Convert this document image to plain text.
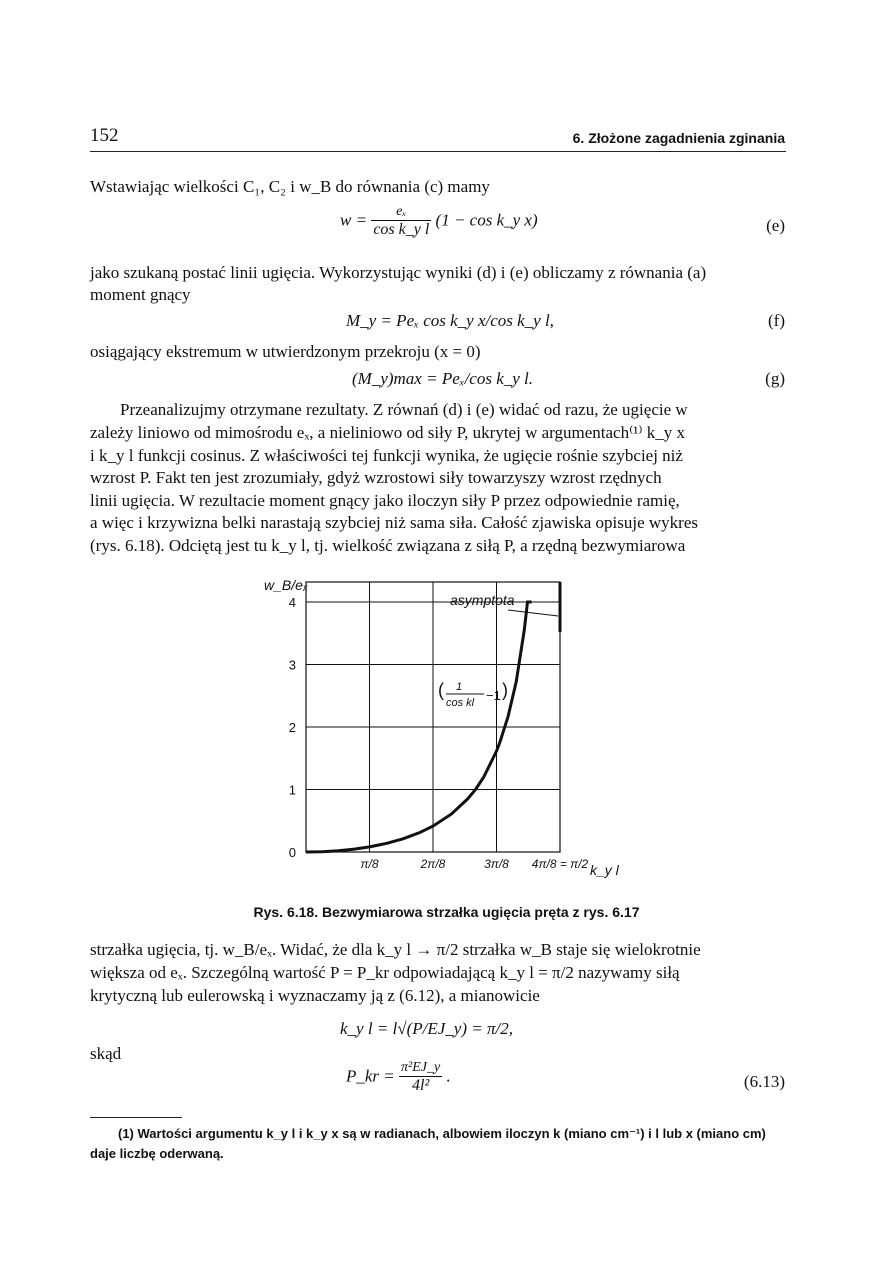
152	6. Złożone zagadnienia zginania
Wstawiając wielkości C₁, C₂ i w_B do równania (c) mamy
$w = \frac{\text{eₓ}}{\text{cos k\_y l}} (1 - \cos$ k_y x)	(e)
jako szukaną postać linii ugięcia. Wykorzystując wyniki (d) i (e) obliczamy z równania (a)
moment gnący
M_y = Peₓ cos k_y x/cos k_y l,	(f)
osiągający ekstremum w utwierdzonym przekroju (x = 0)
(M_y)max = Peₓ/cos k_y l.	(g)
Przeanalizujmy otrzymane rezultaty. Z równań (d) i (e) widać od razu, że ugięcie w
zależy liniowo od mimośrodu eₓ, a nieliniowo od siły P, ukrytej w argumentach⁽¹⁾ k_y x
i k_y l funkcji cosinus. Z właściwości tej funkcji wynika, że ugięcie rośnie szybciej niż
wzrost P. Fakt ten jest zrozumiały, gdyż wzrostowi siły towarzyszy wzrost rzędnych
linii ugięcia. W rezultacie moment gnący jako iloczyn siły P przez odpowiednie ramię,
a więc i krzywizna belki narastają szybciej niż sama siła. Całość zjawiska opisuje wykres
(rys. 6.18). Odciętą jest tu k_y l, tj. wielkość związana z siłą P, a rzędną bezwymiarowa
0
1
2
3
4
π/8	2π/8	3π/8 4π/8 = π/2
w_B/eₓ
k_y l
asymptota
( 1
cos kl −1 )
Rys. 6.18. Bezwymiarowa strzałka ugięcia pręta z rys. 6.17
strzałka ugięcia, tj. w_B/eₓ. Widać, że dla k_y l → π/2 strzałka w_B staje się wielokrotnie
większa od eₓ. Szczególną wartość P = P_kr odpowiadającą k_y l = π/2 nazywamy siłą
krytyczną lub eulerowską i wyznaczamy ją z (6.12), a mianowicie
k_y l = l√(P/EJ_y) = π/2,
skąd
P_kr = $\frac{\text{π²EJ\_y}}{\text{4l²}}$ .	(6.13)
(1) Wartości argumentu k_y l i k_y x są w radianach, albowiem iloczyn k (miano cm⁻¹) i l lub x (miano cm) daje liczbę oderwaną.
